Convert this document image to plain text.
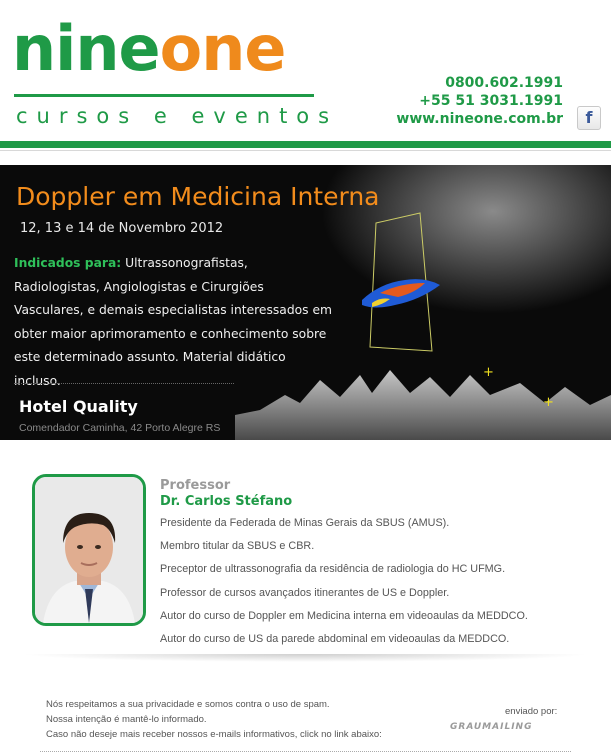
nineone
cursos e eventos
0800.602.1991
+55 51 3031.1991
www.nineone.com.br	f
+
+
Doppler em Medicina Interna
12, 13 e 14 de Novembro 2012
Indicados para: Ultrassonografistas, Radiologistas, Angiologistas e Cirurgiões Vasculares, e demais especialistas interessados em obter maior aprimoramento e conhecimento sobre este determinado assunto. Material didático incluso.
Hotel Quality
Comendador Caminha, 42 Porto Alegre RS
Professor
Dr. Carlos Stéfano
Presidente da Federada de Minas Gerais da SBUS (AMUS).
Membro titular da SBUS e CBR.
Preceptor de ultrassonografia da residência de radiologia do HC UFMG.
Professor de cursos avançados itinerantes de US e Doppler.
Autor do curso de Doppler em Medicina interna em videoaulas da MEDDCO.
Autor do curso de US da parede abdominal em videoaulas da MEDDCO.
Nós respeitamos a sua privacidade e somos contra o uso de spam.
Nossa intenção é mantê-lo informado.
Caso não deseje mais receber nossos e-mails informativos, click no link abaixo:
enviado por:
GRAUMAILING
